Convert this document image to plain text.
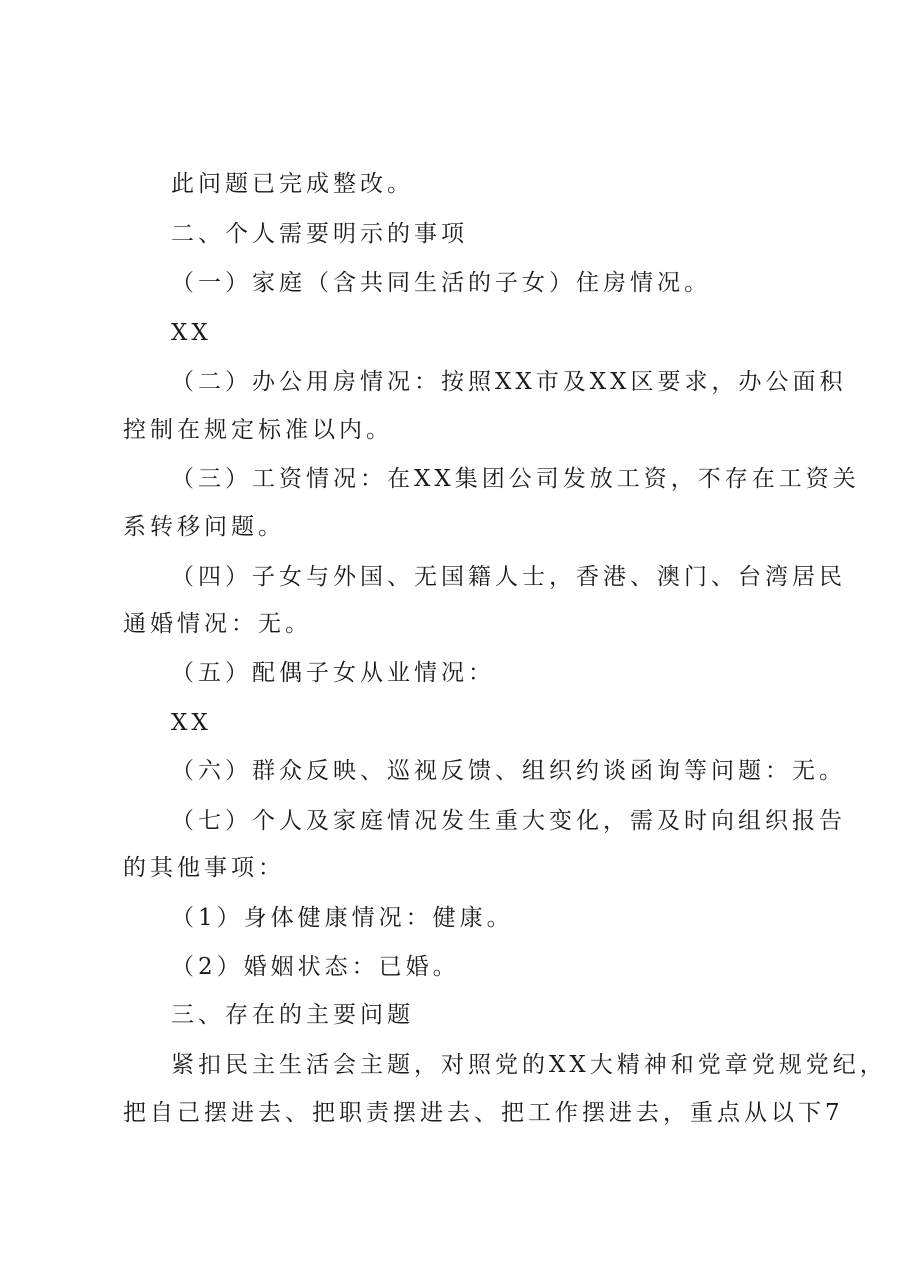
此问题已完成整改。
二、个人需要明示的事项
（一）家庭（含共同生活的子女）住房情况。
XX
（二）办公用房情况：按照XX市及XX区要求，办公面积
控制在规定标准以内。
（三）工资情况：在XX集团公司发放工资，不存在工资关
系转移问题。
（四）子女与外国、无国籍人士，香港、澳门、台湾居民
通婚情况：无。
（五）配偶子女从业情况：
XX
（六）群众反映、巡视反馈、组织约谈函询等问题：无。
（七）个人及家庭情况发生重大变化，需及时向组织报告
的其他事项：
（1）身体健康情况：健康。
（2）婚姻状态：已婚。
三、存在的主要问题
紧扣民主生活会主题，对照党的XX大精神和党章党规党纪，
把自己摆进去、把职责摆进去、把工作摆进去，重点从以下7
